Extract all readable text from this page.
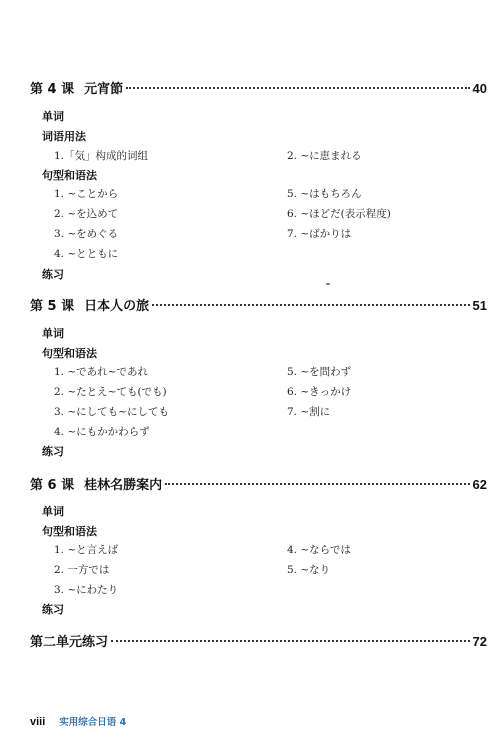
第 4 课 元宵節	40
单词
词语用法
1.「気」构成的词组	2. ~に恵まれる
句型和语法
1. ~ことから	5. ~はもちろん
2. ~を込めて	6. ~ほどだ(表示程度)
3. ~をめぐる	7. ~ばかりは
4. ~とともに
练习
第 5 课 日本人の旅	51
单词
句型和语法
1. ~であれ~であれ	5. ~を問わず
2. ~たとえ~ても(でも)	6. ~きっかけ
3. ~にしても~にしても	7. ~割に
4. ~にもかかわらず
练习
第 6 课 桂林名勝案内	62
单词
句型和语法
1. ~と言えば	4. ~ならでは
2. 一方では	5. ~なり
3. ~にわたり
练习
第二单元练习	72
viii 实用综合日语 4
